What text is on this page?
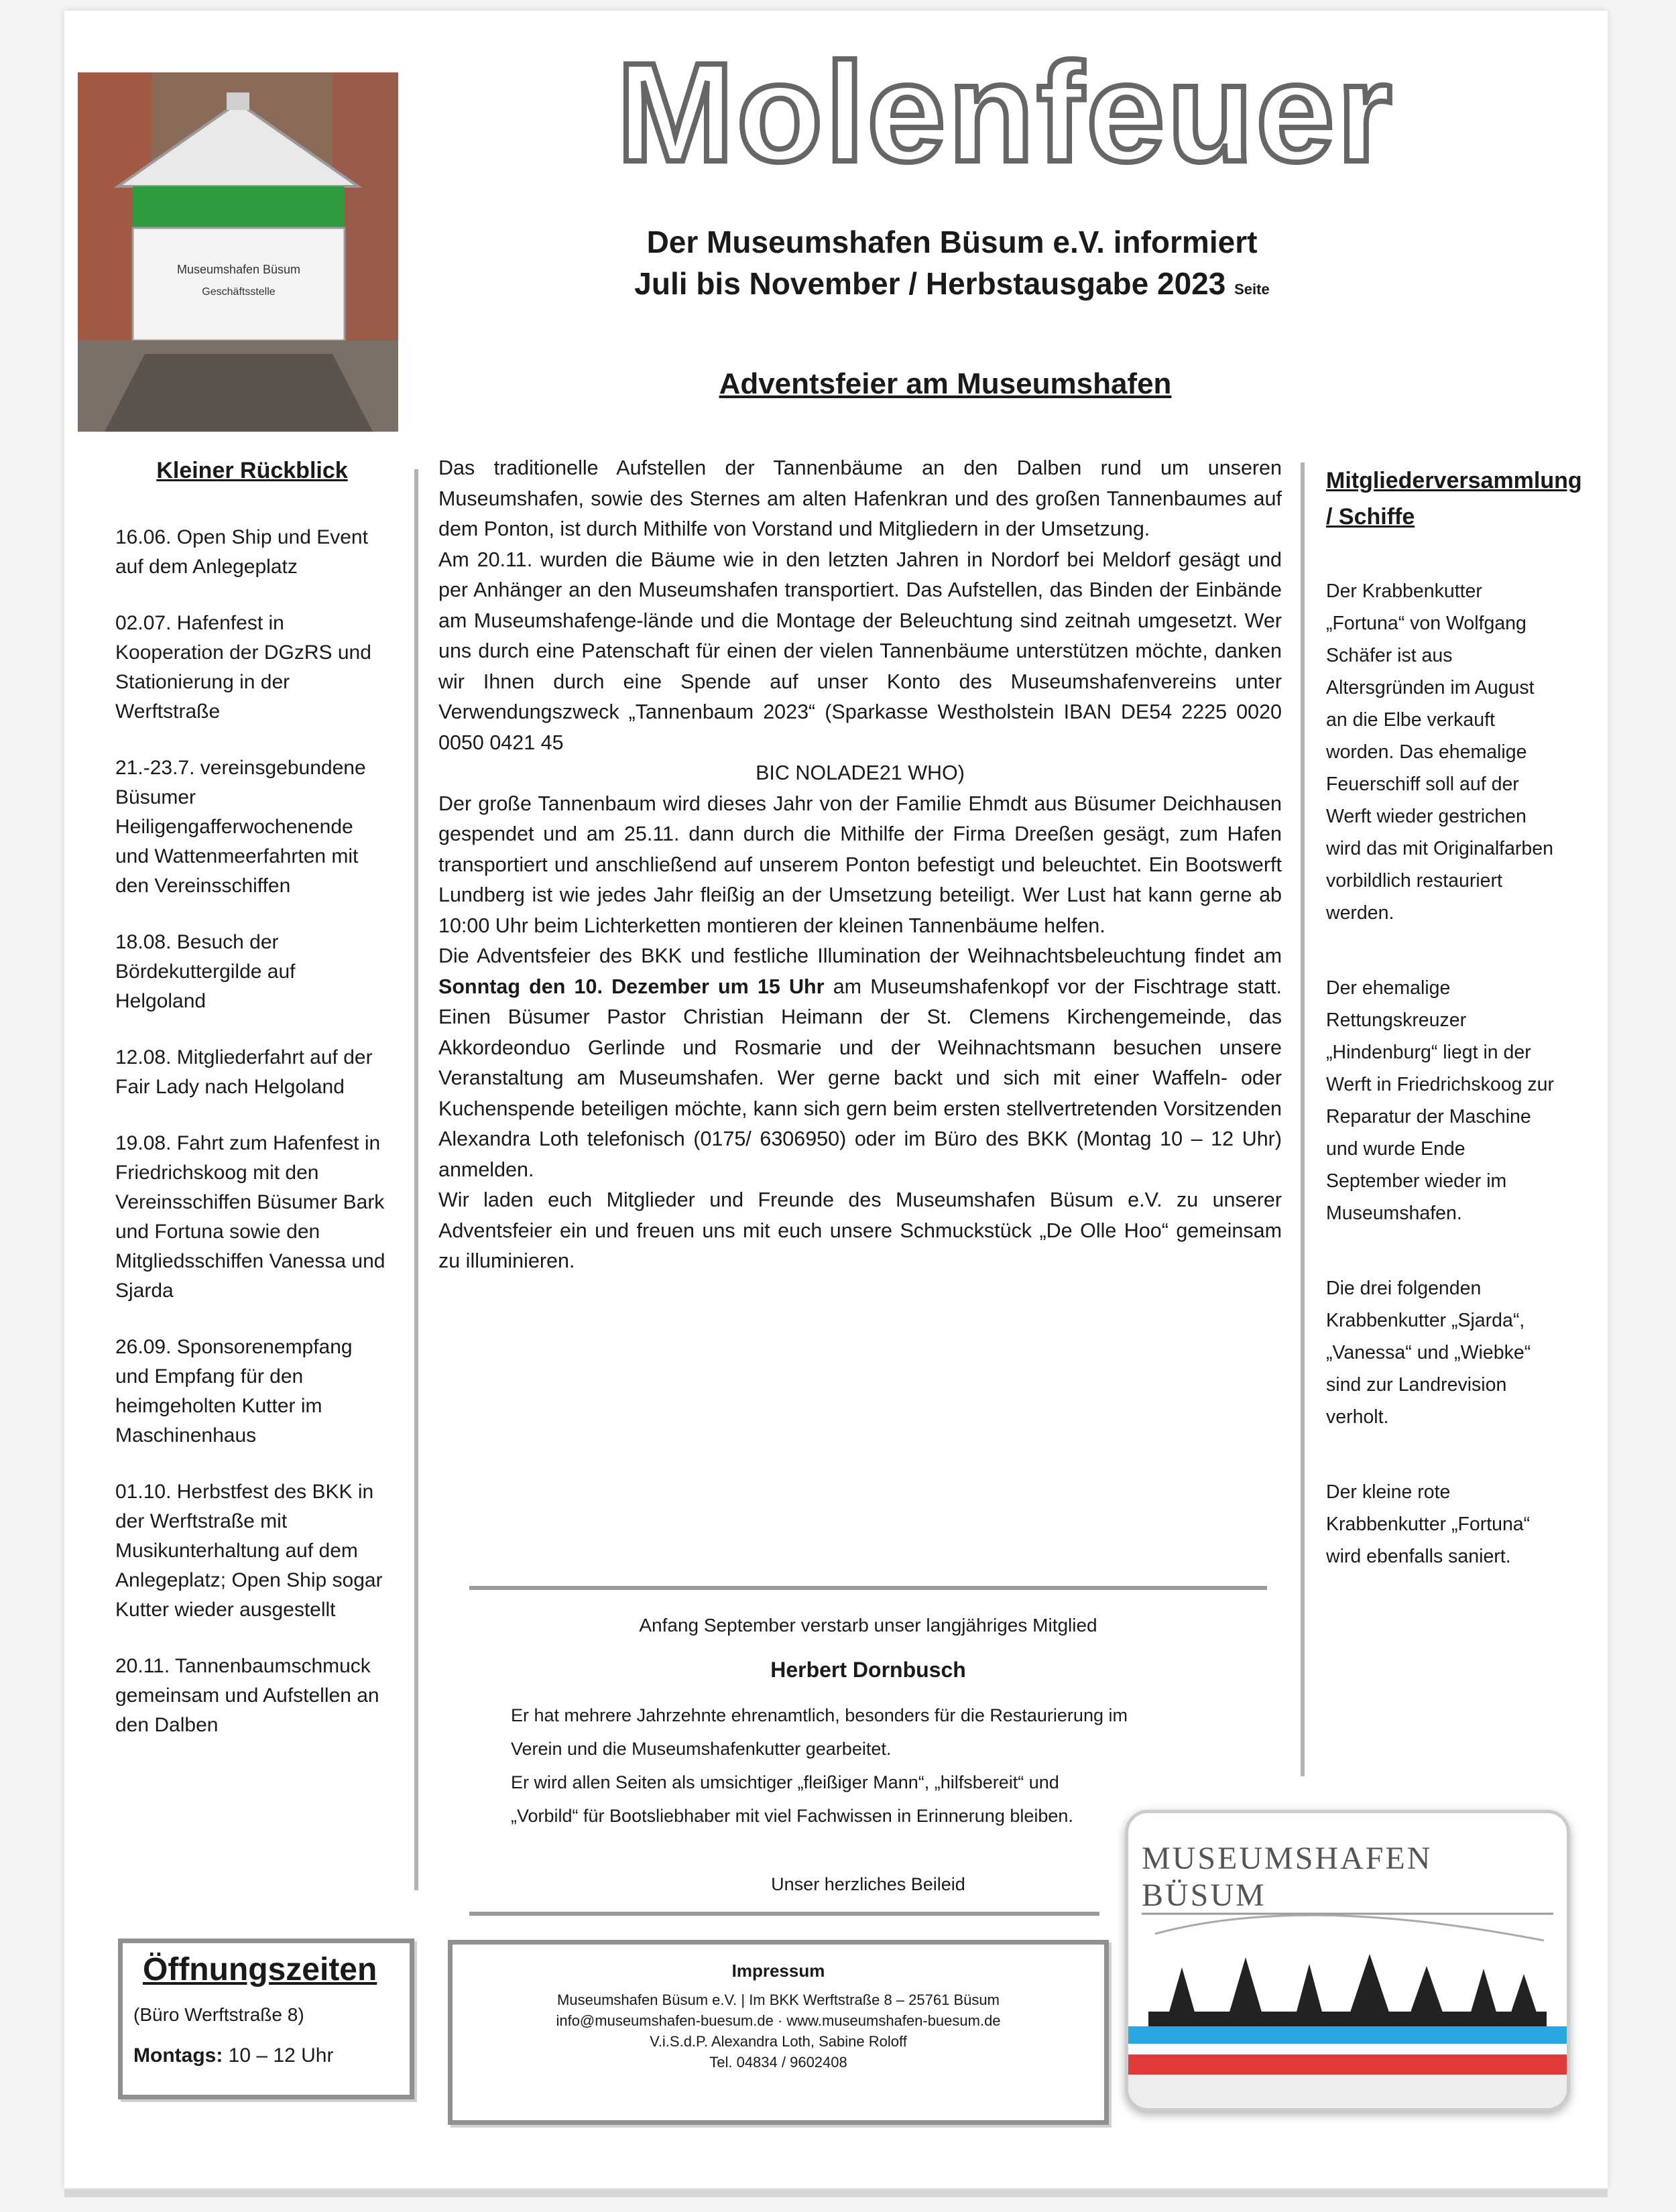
Museumshafen Büsum
Geschäftsstelle
Molenfeuer
Der Museumshafen Büsum e.V. informiert
Juli bis November / Herbstausgabe 2023 Seite
Adventsfeier am Museumshafen
Kleiner Rückblick

16.06. Open Ship und Event auf dem Anlegeplatz

02.07. Hafenfest in Kooperation der DGzRS und Stationierung in der Werftstraße

21.-23.7. vereinsgebundene Büsumer Heiligengafferwochenende und Wattenmeerfahrten mit den Vereinsschiffen

18.08. Besuch der Bördekuttergilde auf Helgoland

12.08. Mitgliederfahrt auf der Fair Lady nach Helgoland

19.08. Fahrt zum Hafenfest in Friedrichskoog mit den Vereinsschiffen Büsumer Bark und Fortuna sowie den Mitgliedsschiffen Vanessa und Sjarda

26.09. Sponsorenempfang und Empfang für den heimgeholten Kutter im Maschinenhaus

01.10. Herbstfest des BKK in der Werftstraße mit Musikunterhaltung auf dem Anlegeplatz; Open Ship sogar Kutter wieder ausgestellt

20.11. Tannenbaumschmuck gemeinsam und Aufstellen an den Dalben

Das traditionelle Aufstellen der Tannenbäume an den Dalben rund um unseren Museumshafen, sowie des Sternes am alten Hafenkran und des großen Tannenbaumes auf dem Ponton, ist durch Mithilfe von Vorstand und Mitgliedern in der Umsetzung.

Am 20.11. wurden die Bäume wie in den letzten Jahren in Nordorf bei Meldorf gesägt und per Anhänger an den Museumshafen transportiert. Das Aufstellen, das Binden der Einbände am Museumshafenge-lände und die Montage der Beleuchtung sind zeitnah umgesetzt. Wer uns durch eine Patenschaft für einen der vielen Tannenbäume unterstützen möchte, danken wir Ihnen durch eine Spende auf unser Konto des Museumshafenvereins unter Verwendungszweck „Tannenbaum 2023“ (Sparkasse Westholstein IBAN DE54 2225 0020 0050 0421 45

BIC NOLADE21 WHO)

Der große Tannenbaum wird dieses Jahr von der Familie Ehmdt aus Büsumer Deichhausen gespendet und am 25.11. dann durch die Mithilfe der Firma Dreeßen gesägt, zum Hafen transportiert und anschließend auf unserem Ponton befestigt und beleuchtet. Ein Bootswerft Lundberg ist wie jedes Jahr fleißig an der Umsetzung beteiligt. Wer Lust hat kann gerne ab 10:00 Uhr beim Lichterketten montieren der kleinen Tannenbäume helfen.

Die Adventsfeier des BKK und festliche Illumination der Weihnachtsbeleuchtung findet am Sonntag den 10. Dezember um 15 Uhr am Museumshafenkopf vor der Fischtrage statt. Einen Büsumer Pastor Christian Heimann der St. Clemens Kirchengemeinde, das Akkordeonduo Gerlinde und Rosmarie und der Weihnachtsmann besuchen unsere Veranstaltung am Museumshafen. Wer gerne backt und sich mit einer Waffeln- oder Kuchenspende beteiligen möchte, kann sich gern beim ersten stellvertretenden Vorsitzenden Alexandra Loth telefonisch (0175/ 6306950) oder im Büro des BKK (Montag 10 – 12 Uhr) anmelden.

Wir laden euch Mitglieder und Freunde des Museumshafen Büsum e.V. zu unserer Adventsfeier ein und freuen uns mit euch unsere Schmuckstück „De Olle Hoo“ gemeinsam zu illuminieren.

Mitgliederversammlung / Schiffe

Der Krabbenkutter „Fortuna“ von Wolfgang Schäfer ist aus Altersgründen im August an die Elbe verkauft worden. Das ehemalige Feuerschiff soll auf der Werft wieder gestrichen wird das mit Originalfarben vorbildlich restauriert werden.

Der ehemalige Rettungskreuzer „Hindenburg“ liegt in der Werft in Friedrichskoog zur Reparatur der Maschine und wurde Ende September wieder im Museumshafen.

Die drei folgenden Krabbenkutter „Sjarda“, „Vanessa“ und „Wiebke“ sind zur Landrevision verholt.

Der kleine rote Krabbenkutter „Fortuna“ wird ebenfalls saniert.

Anfang September verstarb unser langjähriges Mitglied
Herbert Dornbusch
Er hat mehrere Jahrzehnte ehrenamtlich, besonders für die Restaurierung im
Verein und die Museumshafenkutter gearbeitet.
Er wird allen Seiten als umsichtiger „fleißiger Mann“, „hilfsbereit“ und
„Vorbild“ für Bootsliebhaber mit viel Fachwissen in Erinnerung bleiben.
Unser herzliches Beileid
MUSEUMSHAFEN BÜSUM
Öffnungszeiten
(Büro Werftstraße 8)
Montags: 10 – 12 Uhr
Impressum
Museumshafen Büsum e.V. | Im BKK Werftstraße 8 – 25761 Büsum
info@museumshafen-buesum.de · www.museumshafen-buesum.de
V.i.S.d.P. Alexandra Loth, Sabine Roloff
Tel. 04834 / 9602408
